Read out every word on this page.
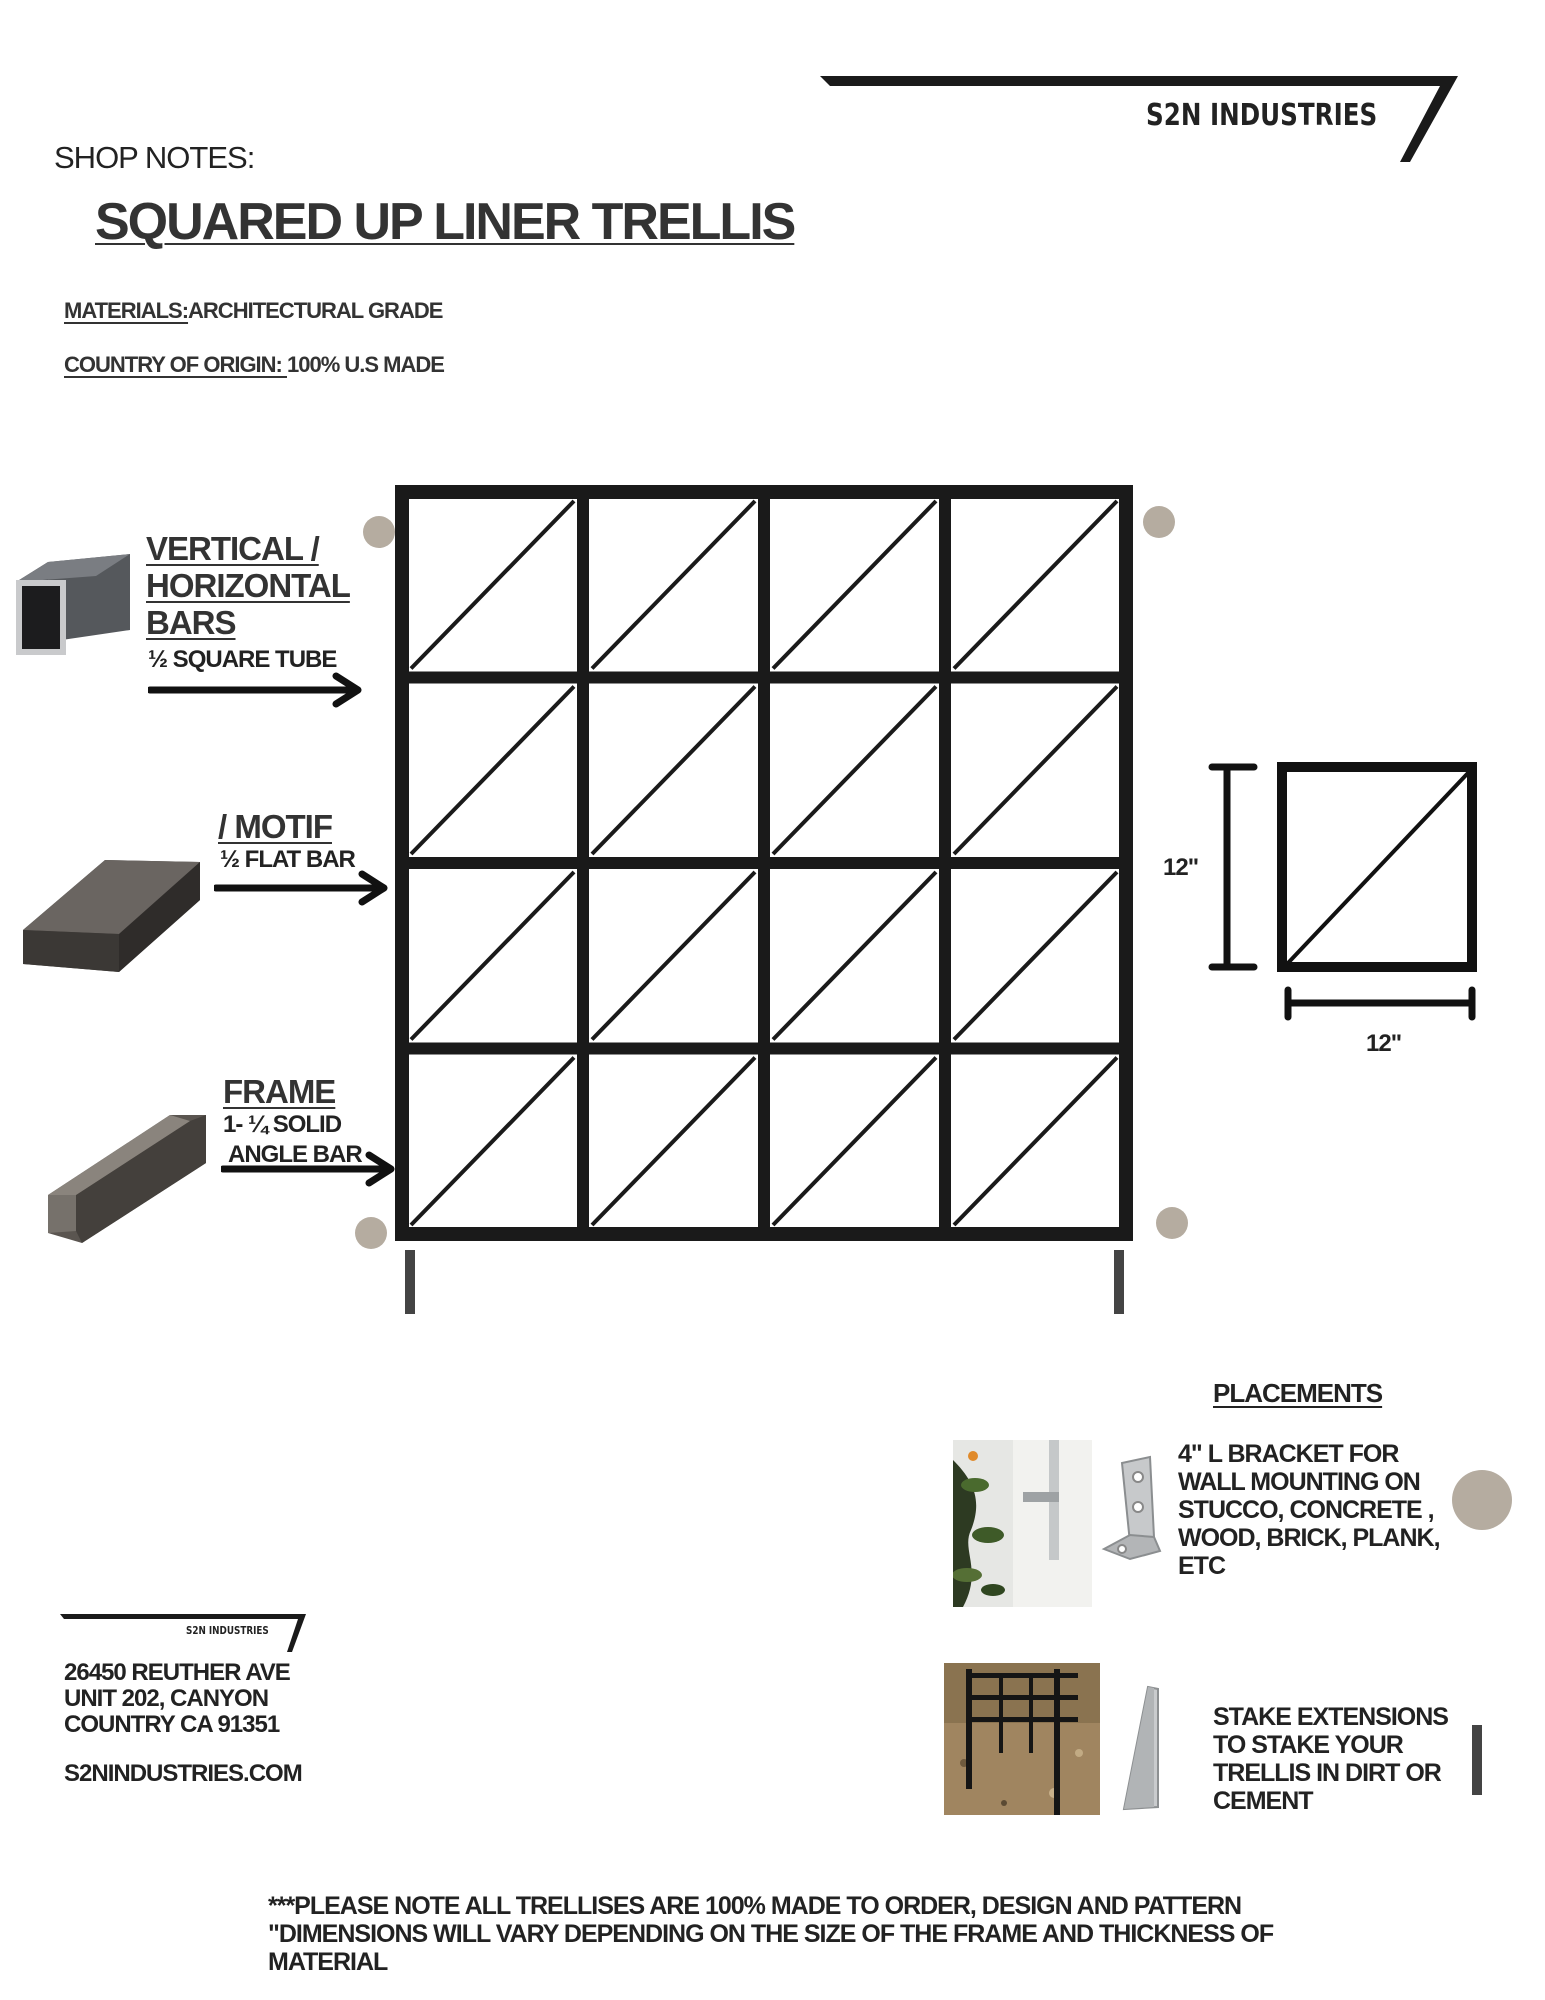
S2N INDUSTRIES
SHOP NOTES:
SQUARED UP LINER TRELLIS
MATERIALS:ARCHITECTURAL GRADE
COUNTRY OF ORIGIN: 100% U.S MADE
VERTICAL /
HORIZONTAL
BARS
½ SQUARE TUBE
/ MOTIF
½ FLAT BAR
FRAME
1- ¼ SOLID
ANGLE BAR
12"
12"
PLACEMENTS
4" L BRACKET FOR
WALL MOUNTING ON
STUCCO, CONCRETE ,
WOOD, BRICK, PLANK,
ETC
STAKE EXTENSIONS
TO STAKE YOUR
TRELLIS IN DIRT OR
CEMENT
S2N INDUSTRIES
26450 REUTHER AVE
UNIT 202, CANYON
COUNTRY CA 91351
S2NINDUSTRIES.COM
***PLEASE NOTE ALL TRELLISES ARE 100% MADE TO ORDER, DESIGN AND PATTERN
"DIMENSIONS WILL VARY DEPENDING ON THE SIZE OF THE FRAME AND THICKNESS OF
MATERIAL
